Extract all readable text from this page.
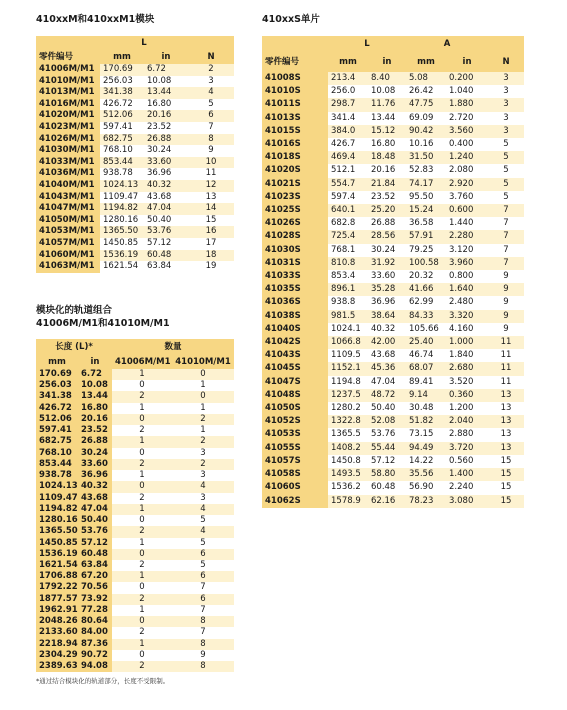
410xxM和410xxM1模块
	L		
零件编号	mm	in	N
41006M/M1	170.69	6.72	2
41010M/M1	256.03	10.08	3
41013M/M1	341.38	13.44	4
41016M/M1	426.72	16.80	5
41020M/M1	512.06	20.16	6
41023M/M1	597.41	23.52	7
41026M/M1	682.75	26.88	8
41030M/M1	768.10	30.24	9
41033M/M1	853.44	33.60	10
41036M/M1	938.78	36.96	11
41040M/M1	1024.13	40.32	12
41043M/M1	1109.47	43.68	13
41047M/M1	1194.82	47.04	14
41050M/M1	1280.16	50.40	15
41053M/M1	1365.50	53.76	16
41057M/M1	1450.85	57.12	17
41060M/M1	1536.19	60.48	18
41063M/M1	1621.54	63.84	19
410xxS单片
	L		A		
零件编号	mm	in	mm	in	N
41008S	213.4	8.40	5.08	0.200	3
41010S	256.0	10.08	26.42	1.040	3
41011S	298.7	11.76	47.75	1.880	3
41013S	341.4	13.44	69.09	2.720	3
41015S	384.0	15.12	90.42	3.560	3
41016S	426.7	16.80	10.16	0.400	5
41018S	469.4	18.48	31.50	1.240	5
41020S	512.1	20.16	52.83	2.080	5
41021S	554.7	21.84	74.17	2.920	5
41023S	597.4	23.52	95.50	3.760	5
41025S	640.1	25.20	15.24	0.600	7
41026S	682.8	26.88	36.58	1.440	7
41028S	725.4	28.56	57.91	2.280	7
41030S	768.1	30.24	79.25	3.120	7
41031S	810.8	31.92	100.58	3.960	7
41033S	853.4	33.60	20.32	0.800	9
41035S	896.1	35.28	41.66	1.640	9
41036S	938.8	36.96	62.99	2.480	9
41038S	981.5	38.64	84.33	3.320	9
41040S	1024.1	40.32	105.66	4.160	9
41042S	1066.8	42.00	25.40	1.000	11
41043S	1109.5	43.68	46.74	1.840	11
41045S	1152.1	45.36	68.07	2.680	11
41047S	1194.8	47.04	89.41	3.520	11
41048S	1237.5	48.72	9.14	0.360	13
41050S	1280.2	50.40	30.48	1.200	13
41052S	1322.8	52.08	51.82	2.040	13
41053S	1365.5	53.76	73.15	2.880	13
41055S	1408.2	55.44	94.49	3.720	13
41057S	1450.8	57.12	14.22	0.560	15
41058S	1493.5	58.80	35.56	1.400	15
41060S	1536.2	60.48	56.90	2.240	15
41062S	1578.9	62.16	78.23	3.080	15
模块化的轨道组合
41006M/M1和41010M/M1
长度 (L)*		数量	
mm	in	41006M/M1	41010M/M1
170.69	6.72	1	0
256.03	10.08	0	1
341.38	13.44	2	0
426.72	16.80	1	1
512.06	20.16	0	2
597.41	23.52	2	1
682.75	26.88	1	2
768.10	30.24	0	3
853.44	33.60	2	2
938.78	36.96	1	3
1024.13	40.32	0	4
1109.47	43.68	2	3
1194.82	47.04	1	4
1280.16	50.40	0	5
1365.50	53.76	2	4
1450.85	57.12	1	5
1536.19	60.48	0	6
1621.54	63.84	2	5
1706.88	67.20	1	6
1792.22	70.56	0	7
1877.57	73.92	2	6
1962.91	77.28	1	7
2048.26	80.64	0	8
2133.60	84.00	2	7
2218.94	87.36	1	8
2304.29	90.72	0	9
2389.63	94.08	2	8
*通过结合模块化的轨道部分，长度不受限制。
